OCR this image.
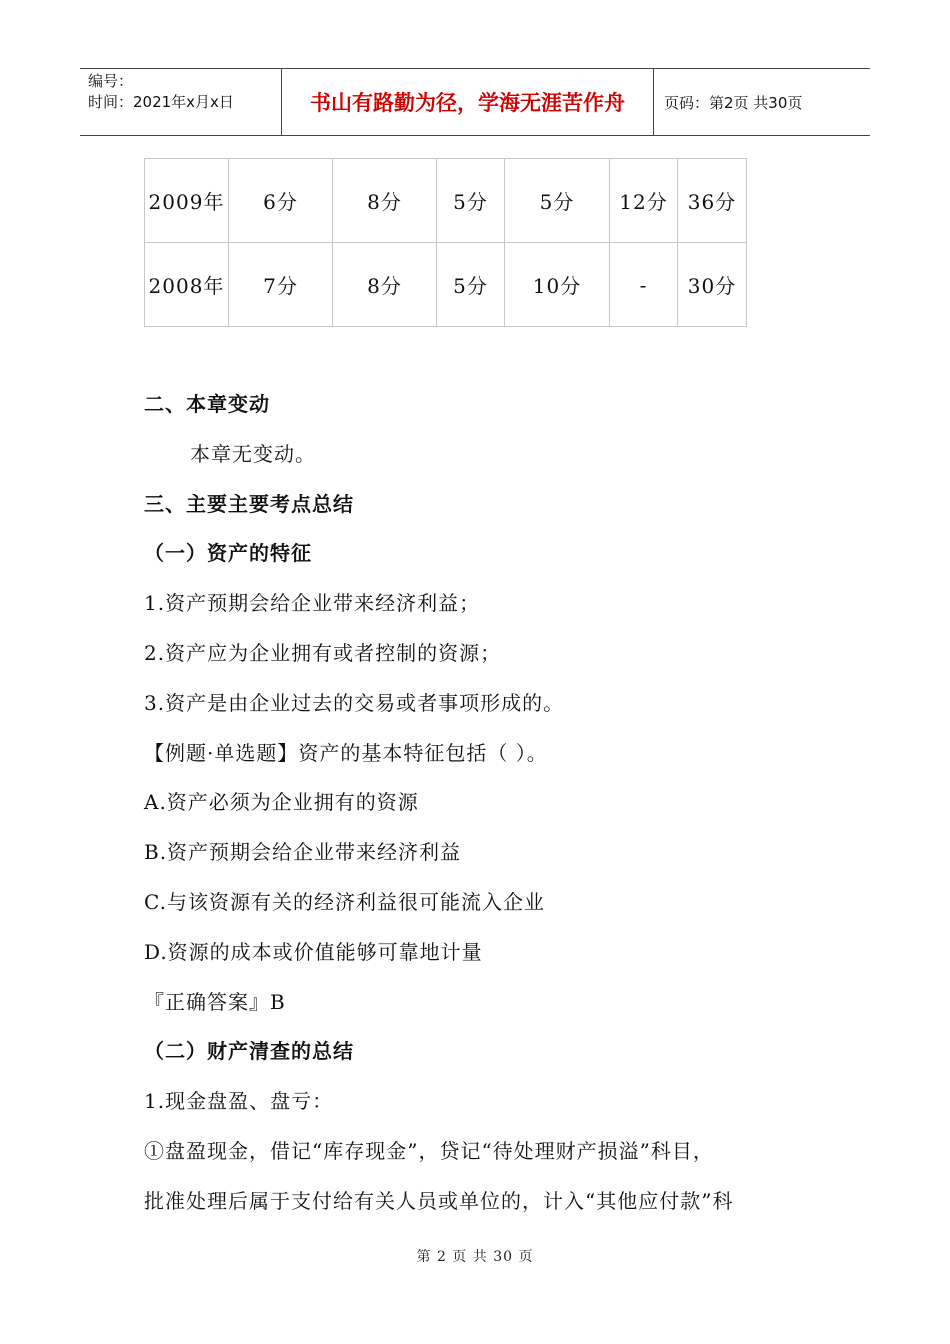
编号：
时间：2021年x月x日	书山有路勤为径，学海无涯苦作舟	页码：第2页 共30页
2009年	6分	8分	5分	5分	12分	36分
2008年	7分	8分	5分	10分	-	30分

二、本章变动

本章无变动。

三、主要主要考点总结

（一）资产的特征

1.资产预期会给企业带来经济利益；

2.资产应为企业拥有或者控制的资源；

3.资产是由企业过去的交易或者事项形成的。

【例题·单选题】资产的基本特征包括（ ）。

A.资产必须为企业拥有的资源

B.资产预期会给企业带来经济利益

C.与该资源有关的经济利益很可能流入企业

D.资源的成本或价值能够可靠地计量

『正确答案』B

（二）财产清查的总结

1.现金盘盈、盘亏：

①盘盈现金，借记“库存现金”，贷记“待处理财产损溢”科目，

批准处理后属于支付给有关人员或单位的，计入“其他应付款”科

第 2 页 共 30 页
